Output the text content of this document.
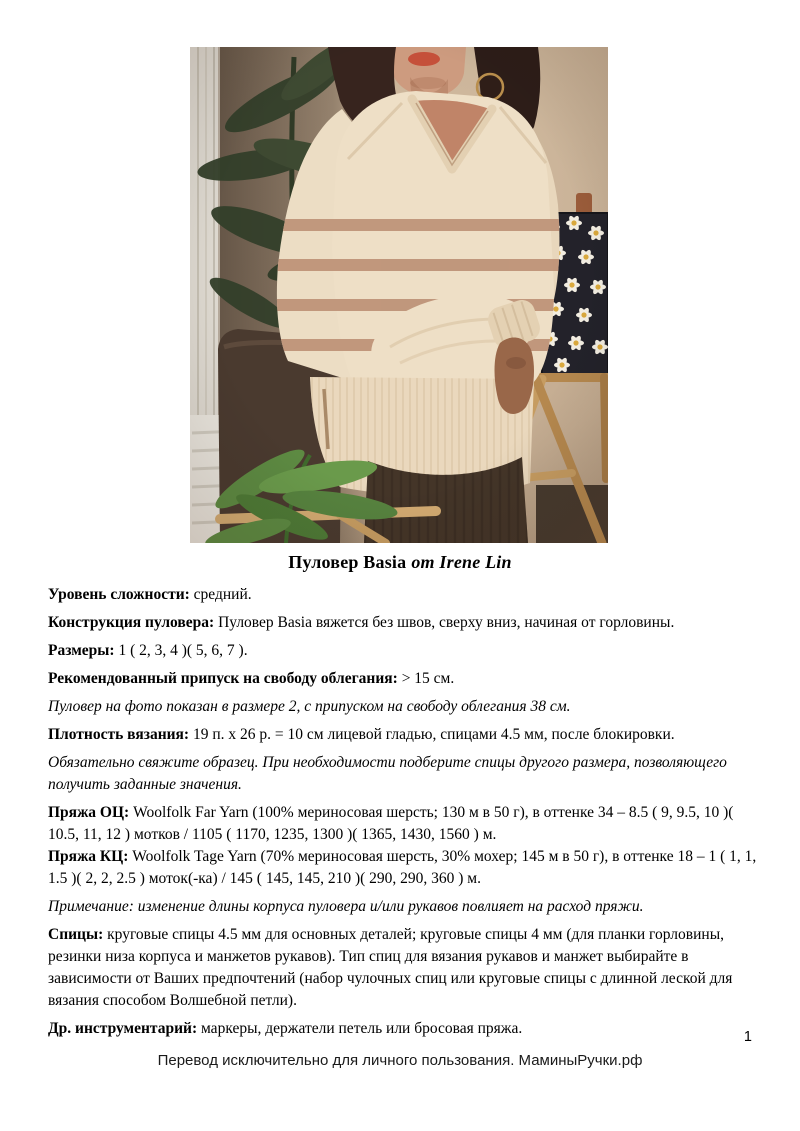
Пуловер Basia от Irene Lin

Уровень сложности: средний.

Конструкция пуловера: Пуловер Basia вяжется без швов, сверху вниз, начиная от горловины.

Размеры: 1 ( 2, 3, 4 )( 5, 6, 7 ).

Рекомендованный припуск на свободу облегания: > 15 см.

Пуловер на фото показан в размере 2, с припуском на свободу облегания 38 см.

Плотность вязания: 19 п. х 26 р. = 10 см лицевой гладью, спицами 4.5 мм, после блокировки.

Обязательно свяжите образец. При необходимости подберите спицы другого размера, позволяющего получить заданные значения.

Пряжа ОЦ: Woolfolk Far Yarn (100% мериносовая шерсть; 130 м в 50 г), в оттенке 34 – 8.5 ( 9, 9.5, 10 )( 10.5, 11, 12 ) мотков / 1105 ( 1170, 1235, 1300 )( 1365, 1430, 1560 ) м.

Пряжа КЦ: Woolfolk Tage Yarn (70% мериносовая шерсть, 30% мохер; 145 м в 50 г), в оттенке 18 – 1 ( 1, 1, 1.5 )( 2, 2, 2.5 ) моток(-ка) / 145 ( 145, 145, 210 )( 290, 290, 360 ) м.

Примечание: изменение длины корпуса пуловера и/или рукавов повлияет на расход пряжи.

Спицы: круговые спицы 4.5 мм для основных деталей; круговые спицы 4 мм (для планки горловины, резинки низа корпуса и манжетов рукавов). Тип спиц для вязания рукавов и манжет выбирайте в зависимости от Ваших предпочтений (набор чулочных спиц или круговые спицы с длинной леской для вязания способом Волшебной петли).

Др. инструментарий: маркеры, держатели петель или бросовая пряжа.	1
Перевод исключительно для личного пользования. МаминыРучки.рф
